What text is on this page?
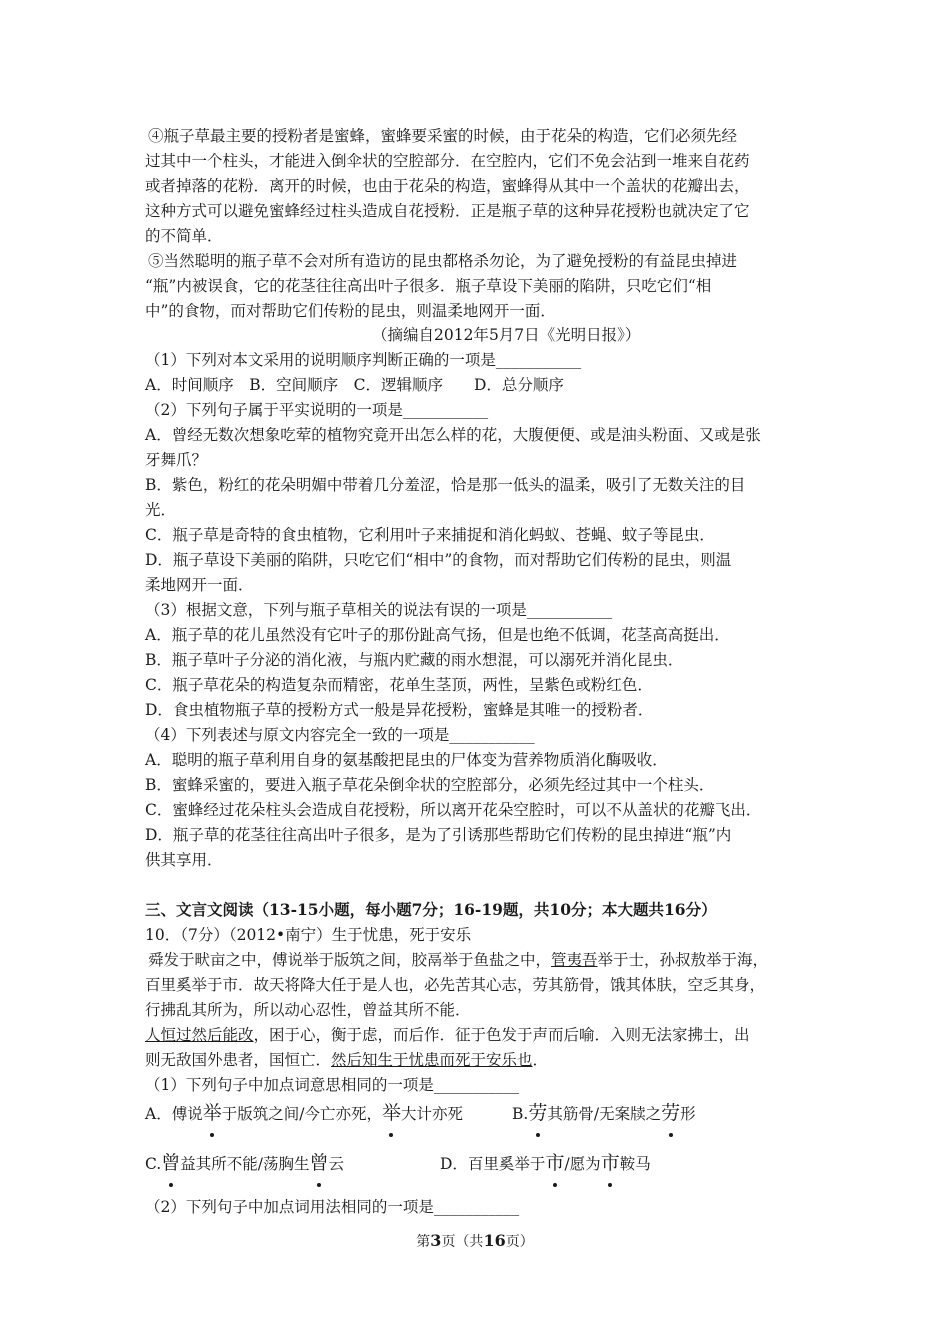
④瓶子草最主要的授粉者是蜜蜂，蜜蜂要采蜜的时候，由于花朵的构造，它们必须先经
过其中一个柱头，才能进入倒伞状的空腔部分．在空腔内，它们不免会沾到一堆来自花药
或者掉落的花粉．离开的时候，也由于花朵的构造，蜜蜂得从其中一个盖状的花瓣出去，
这种方式可以避免蜜蜂经过柱头造成自花授粉．正是瓶子草的这种异花授粉也就决定了它
的不简单．
⑤当然聪明的瓶子草不会对所有造访的昆虫都格杀勿论，为了避免授粉的有益昆虫掉进
“瓶”内被误食，它的花茎往往高出叶子很多．瓶子草设下美丽的陷阱，只吃它们“相
中”的食物，而对帮助它们传粉的昆虫，则温柔地网开一面．
（摘编自2012年5月7日《光明日报》）
（1）下列对本文采用的说明顺序判断正确的一项是___________
A．时间顺序　B．空间顺序　C．逻辑顺序　　D．总分顺序
（2）下列句子属于平实说明的一项是___________
A．曾经无数次想象吃荤的植物究竟开出怎么样的花，大腹便便、或是油头粉面、又或是张
牙舞爪？
B．紫色，粉红的花朵明媚中带着几分羞涩，恰是那一低头的温柔，吸引了无数关注的目
光．
C．瓶子草是奇特的食虫植物，它利用叶子来捕捉和消化蚂蚁、苍蝇、蚊子等昆虫．
D．瓶子草设下美丽的陷阱，只吃它们“相中”的食物，而对帮助它们传粉的昆虫，则温
柔地网开一面．
（3）根据文意，下列与瓶子草相关的说法有误的一项是___________
A．瓶子草的花儿虽然没有它叶子的那份趾高气扬，但是也绝不低调，花茎高高挺出．
B．瓶子草叶子分泌的消化液，与瓶内贮藏的雨水想混，可以溺死并消化昆虫．
C．瓶子草花朵的构造复杂而精密，花单生茎顶，两性，呈紫色或粉红色．
D．食虫植物瓶子草的授粉方式一般是异花授粉，蜜蜂是其唯一的授粉者．
（4）下列表述与原文内容完全一致的一项是___________
A．聪明的瓶子草利用自身的氨基酸把昆虫的尸体变为营养物质消化酶吸收．
B．蜜蜂采蜜的，要进入瓶子草花朵倒伞状的空腔部分，必须先经过其中一个柱头．
C．蜜蜂经过花朵柱头会造成自花授粉，所以离开花朵空腔时，可以不从盖状的花瓣飞出．
D．瓶子草的花茎往往高出叶子很多，是为了引诱那些帮助它们传粉的昆虫掉进“瓶”内
供其享用．
三、文言文阅读（13-15小题，每小题7分；16-19题，共10分；本大题共16分）
10．（7分）（2012•南宁）生于忧患，死于安乐
舜发于畎亩之中，傅说举于版筑之间，胶鬲举于鱼盐之中，管夷吾举于士，孙叔敖举于海，
百里奚举于市．故天将降大任于是人也，必先苦其心志，劳其筋骨，饿其体肤，空乏其身，
行拂乱其所为，所以动心忍性，曾益其所不能．
人恒过然后能改，困于心，衡于虑，而后作．征于色发于声而后喻．入则无法家拂士，出
则无敌国外患者，国恒亡．然后知生于忧患而死于安乐也．
（1）下列句子中加点词意思相同的一项是___________
A．傅说举
于版筑之间/今亡亦死，举
大计亦死	B.劳
其筋骨/无案牍之劳
形
C.曾
益其所不能/荡胸生曾
云	D．百里奚举于市
/愿为市
鞍马
（2）下列句子中加点词用法相同的一项是___________
第3页（共16页）
